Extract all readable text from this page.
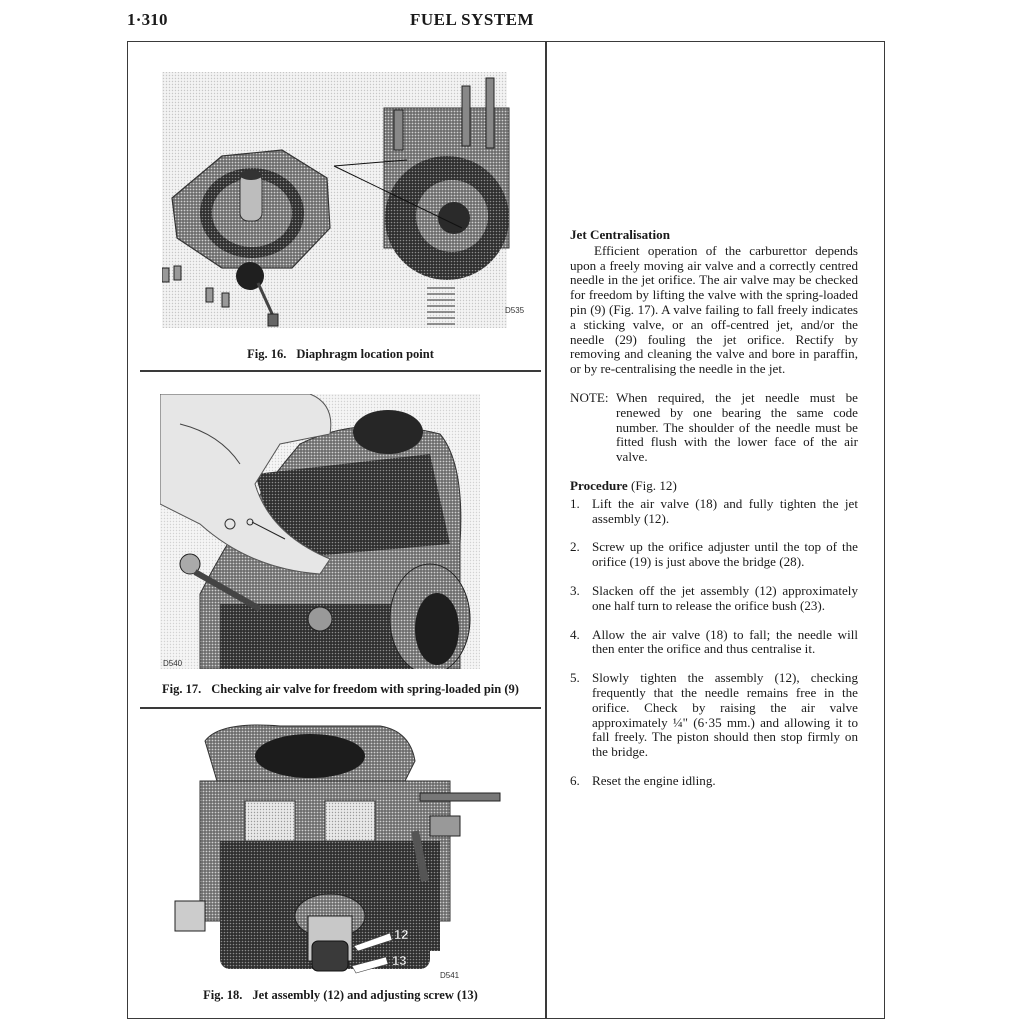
1·310	FUEL SYSTEM
D535
Fig. 16. Diaphragm location point
D540
Fig. 17. Checking air valve for freedom with spring-loaded pin (9)
12
13
D541
Fig. 18. Jet assembly (12) and adjusting screw (13)
Jet Centralisation

Efficient operation of the carburettor depends upon a freely moving air valve and a correctly centred needle in the jet orifice. The air valve may be checked for freedom by lifting the valve with the spring-loaded pin (9) (Fig. 17). A valve failing to fall freely indicates a sticking valve, or an off-centred jet, and/or the needle (29) fouling the jet orifice. Rectify by removing and cleaning the valve and bore in paraffin, or by re-centralising the needle in the jet.

NOTE: When required, the jet needle must be renewed by one bearing the same code number. The shoulder of the needle must be fitted flush with the lower face of the air valve.
Procedure (Fig. 12)
1. Lift the air valve (18) and fully tighten the jet assembly (12).
2. Screw up the orifice adjuster until the top of the orifice (19) is just above the bridge (28).
3. Slacken off the jet assembly (12) approximately one half turn to release the orifice bush (23).
4. Allow the air valve (18) to fall; the needle will then enter the orifice and thus centralise it.
5. Slowly tighten the assembly (12), checking frequently that the needle remains free in the orifice. Check by raising the air valve approximately ¼" (6·35 mm.) and allowing it to fall freely. The piston should then stop firmly on the bridge.
6. Reset the engine idling.
